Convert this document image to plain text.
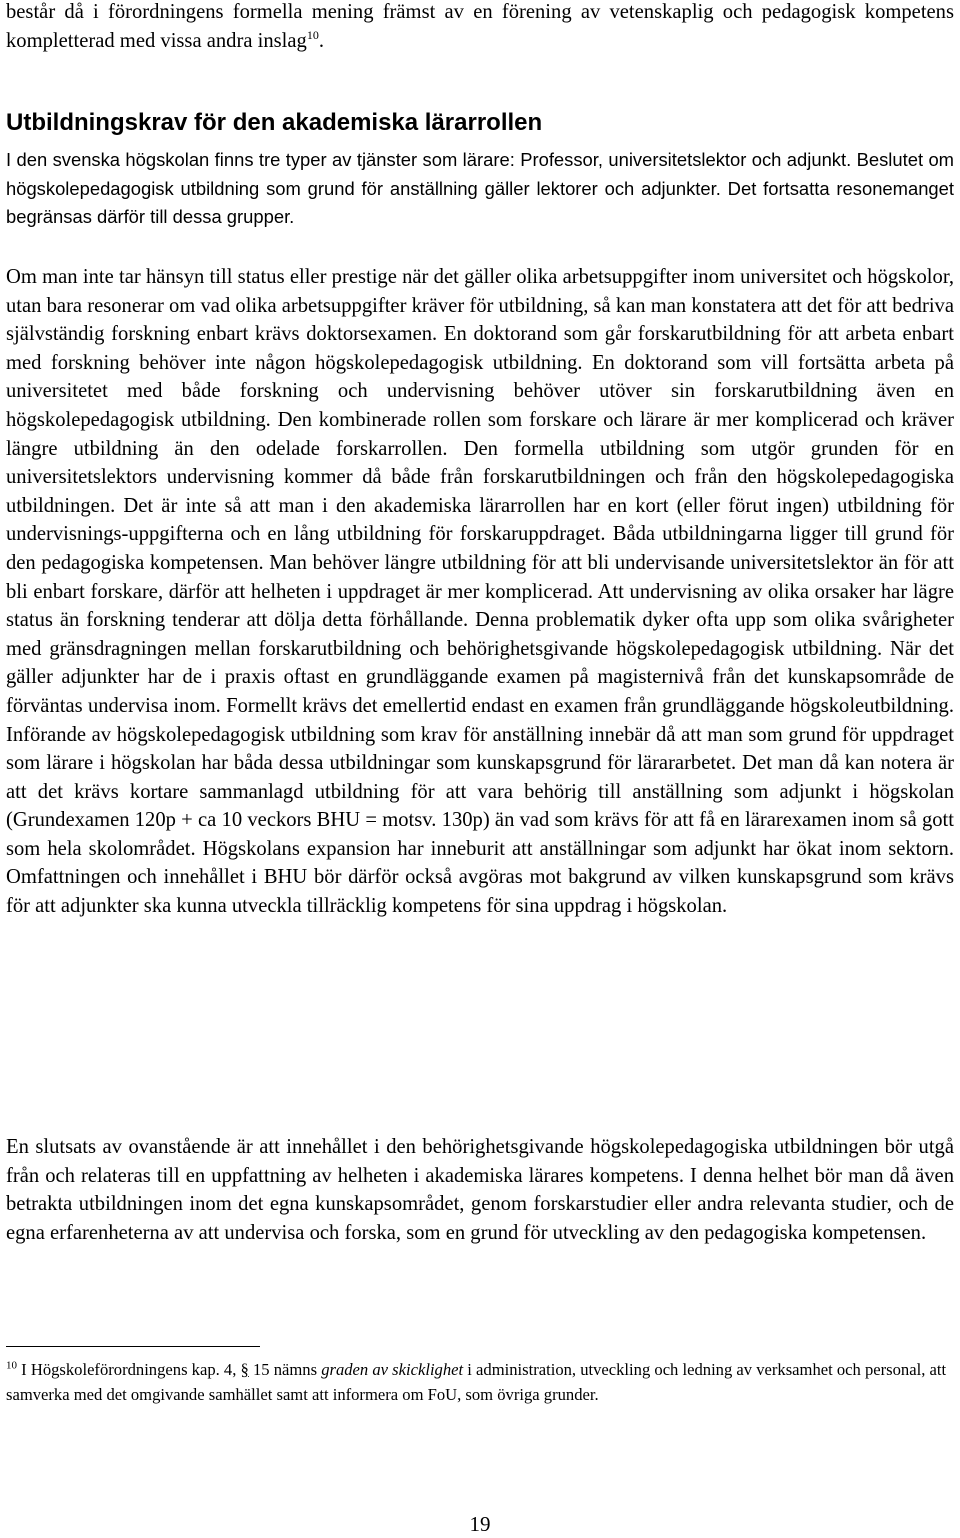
består då i förordningens formella mening främst av en förening av vetenskaplig och pedagogisk kompetens kompletterad med vissa andra inslag$^{10}$.

Utbildningskrav för den akademiska lärarrollen

I den svenska högskolan finns tre typer av tjänster som lärare: Professor, universitetslektor och adjunkt. Beslutet om högskolepedagogisk utbildning som grund för anställning gäller lektorer och adjunkter. Det fortsatta resonemanget begränsas därför till dessa grupper.

Om man inte tar hänsyn till status eller prestige när det gäller olika arbetsuppgifter inom universitet och högskolor, utan bara resonerar om vad olika arbetsuppgifter kräver för utbildning, så kan man konstatera att det för att bedriva självständig forskning enbart krävs doktorsexamen. En doktorand som går forskarutbildning för att arbeta enbart med forskning behöver inte någon högskolepedagogisk utbildning. En doktorand som vill fortsätta arbeta på universitetet med både forskning och undervisning behöver utöver sin forskarutbildning även en högskolepedagogisk utbildning. Den kombinerade rollen som forskare och lärare är mer komplicerad och kräver längre utbildning än den odelade forskarrollen. Den formella utbildning som utgör grunden för en universitetslektors undervisning kommer då både från forskarutbildningen och från den högskolepedagogiska utbildningen. Det är inte så att man i den akademiska lärarrollen har en kort (eller förut ingen) utbildning för undervisnings-uppgifterna och en lång utbildning för forskaruppdraget. Båda utbildningarna ligger till grund för den pedagogiska kompetensen. Man behöver längre utbildning för att bli undervisande universitetslektor än för att bli enbart forskare, därför att helheten i uppdraget är mer komplicerad. Att undervisning av olika orsaker har lägre status än forskning tenderar att dölja detta förhållande. Denna problematik dyker ofta upp som olika svårigheter med gränsdragningen mellan forskarutbildning och behörighetsgivande högskolepedagogisk utbildning. När det gäller adjunkter har de i praxis oftast en grundläggande examen på magisternivå från det kunskapsområde de förväntas undervisa inom. Formellt krävs det emellertid endast en examen från grundläggande högskoleutbildning. Införande av högskolepedagogisk utbildning som krav för anställning innebär då att man som grund för uppdraget som lärare i högskolan har båda dessa utbildningar som kunskapsgrund för lärararbetet. Det man då kan notera är att det krävs kortare sammanlagd utbildning för att vara behörig till anställning som adjunkt i högskolan (Grundexamen 120p + ca 10 veckors BHU = motsv. 130p) än vad som krävs för att få en lärarexamen inom så gott som hela skolområdet. Högskolans expansion har inneburit att anställningar som adjunkt har ökat inom sektorn. Omfattningen och innehållet i BHU bör därför också avgöras mot bakgrund av vilken kunskapsgrund som krävs för att adjunkter ska kunna utveckla tillräcklig kompetens för sina uppdrag i högskolan.

En slutsats av ovanstående är att innehållet i den behörighetsgivande högskolepedagogiska utbildningen bör utgå från och relateras till en uppfattning av helheten i akademiska lärares kompetens. I denna helhet bör man då även betrakta utbildningen inom det egna kunskapsområdet, genom forskarstudier eller andra relevanta studier, och de egna erfarenheterna av att undervisa och forska, som en grund för utveckling av den pedagogiska kompetensen.

$^{10}$ I Högskoleförordningens kap. 4, § 15 nämns graden av skicklighet i administration, utveckling och ledning av verksamhet och personal, att samverka med det omgivande samhället samt att informera om FoU, som övriga grunder.

19
